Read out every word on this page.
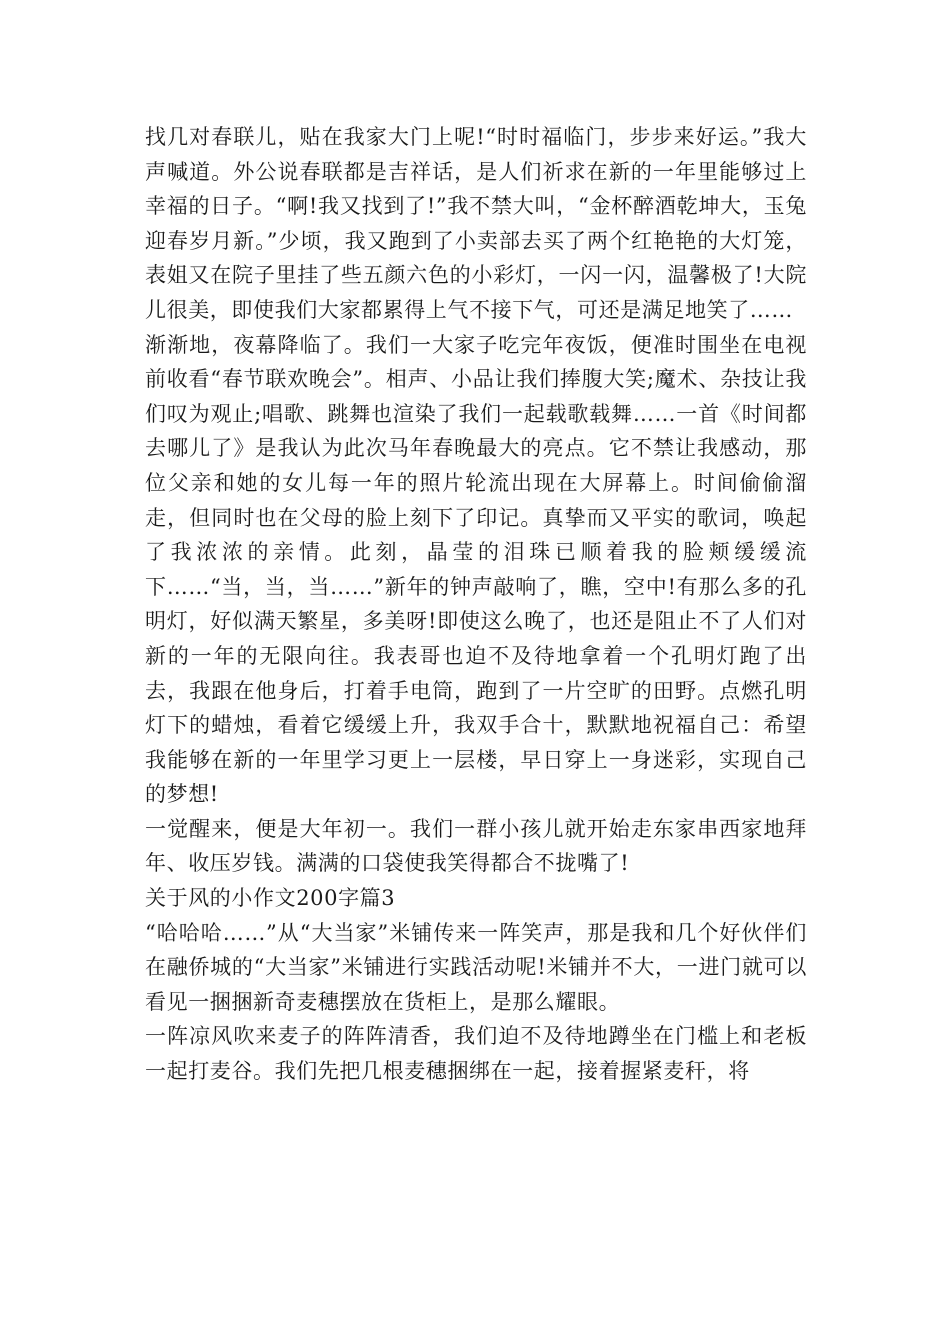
找几对春联儿，贴在我家大门上呢!“时时福临门，步步来好运。”我大声喊道。外公说春联都是吉祥话，是人们祈求在新的一年里能够过上幸福的日子。“啊!我又找到了!”我不禁大叫，“金杯醉酒乾坤大，玉兔迎春岁月新。”少顷，我又跑到了小卖部去买了两个红艳艳的大灯笼，表姐又在院子里挂了些五颜六色的小彩灯，一闪一闪，温馨极了!大院儿很美，即使我们大家都累得上气不接下气，可还是满足地笑了……

渐渐地，夜幕降临了。我们一大家子吃完年夜饭，便准时围坐在电视前收看“春节联欢晚会”。相声、小品让我们捧腹大笑;魔术、杂技让我们叹为观止;唱歌、跳舞也渲染了我们一起载歌载舞……一首《时间都去哪儿了》是我认为此次马年春晚最大的亮点。它不禁让我感动，那位父亲和她的女儿每一年的照片轮流出现在大屏幕上。时间偷偷溜走，但同时也在父母的脸上刻下了印记。真挚而又平实的歌词，唤起了我浓浓的亲情。此刻，晶莹的泪珠已顺着我的脸颊缓缓流下……“当，当，当……”新年的钟声敲响了，瞧，空中!有那么多的孔明灯，好似满天繁星，多美呀!即使这么晚了，也还是阻止不了人们对新的一年的无限向往。我表哥也迫不及待地拿着一个孔明灯跑了出去，我跟在他身后，打着手电筒，跑到了一片空旷的田野。点燃孔明灯下的蜡烛，看着它缓缓上升，我双手合十，默默地祝福自己：希望我能够在新的一年里学习更上一层楼，早日穿上一身迷彩，实现自己的梦想!

一觉醒来，便是大年初一。我们一群小孩儿就开始走东家串西家地拜年、收压岁钱。满满的口袋使我笑得都合不拢嘴了!

关于风的小作文200字篇3

“哈哈哈……”从“大当家”米铺传来一阵笑声，那是我和几个好伙伴们在融侨城的“大当家”米铺进行实践活动呢!米铺并不大，一进门就可以看见一捆捆新奇麦穗摆放在货柜上，是那么耀眼。

一阵凉风吹来麦子的阵阵清香，我们迫不及待地蹲坐在门槛上和老板一起打麦谷。我们先把几根麦穗捆绑在一起，接着握紧麦秆，将
